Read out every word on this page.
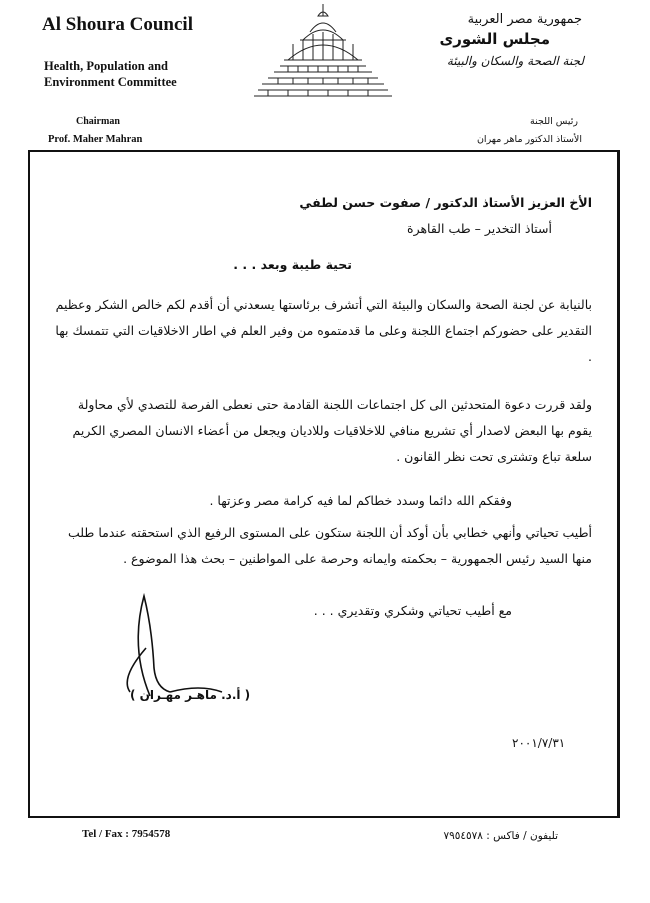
Al Shoura Council
Health, Population and
Environment Committee
Chairman
Prof. Maher Mahran
جمهورية مصر العربية
مجلس الشورى
لجنة الصحة والسكان والبيئة
رئيس اللجنة
الأستاذ الدكتور ماهر مهران
الأخ العزيز الأستاذ الدكتور / صفوت حسن لطفي
أستاذ التخدير – طب القاهرة
تحية طيبة وبعد . . .
بالنيابة عن لجنة الصحة والسكان والبيئة التي أتشرف برئاستها يسعدني أن أقدم لكم خالص الشكر وعظيم التقدير على حضوركم اجتماع اللجنة وعلى ما قدمتموه من وفير العلم في اطار الاخلاقيات التي تتمسك بها .
ولقد قررت دعوة المتحدثين الى كل اجتماعات اللجنة القادمة حتى نعطى الفرصة للتصدي لأي محاولة يقوم بها البعض لاصدار أي تشريع منافي للاخلاقيات وللاديان ويجعل من أعضاء الانسان المصري الكريم سلعة تباع وتشترى تحت نظر القانون .
وفقكم الله دائما وسدد خطاكم لما فيه كرامة مصر وعزتها .
أطيب تحياتي وأنهي خطابي بأن أوكد أن اللجنة ستكون على المستوى الرفيع الذي استحقته عندما طلب منها السيد رئيس الجمهورية – بحكمته وايمانه وحرصة على المواطنين – بحث هذا الموضوع .
مع أطيب تحياتي وشكري وتقديري . . .
( أ.د. ماهـر مهـران )
٢٠٠١/٧/٣١
Tel / Fax : 7954578	تليفون / فاكس : ٧٩٥٤٥٧٨
